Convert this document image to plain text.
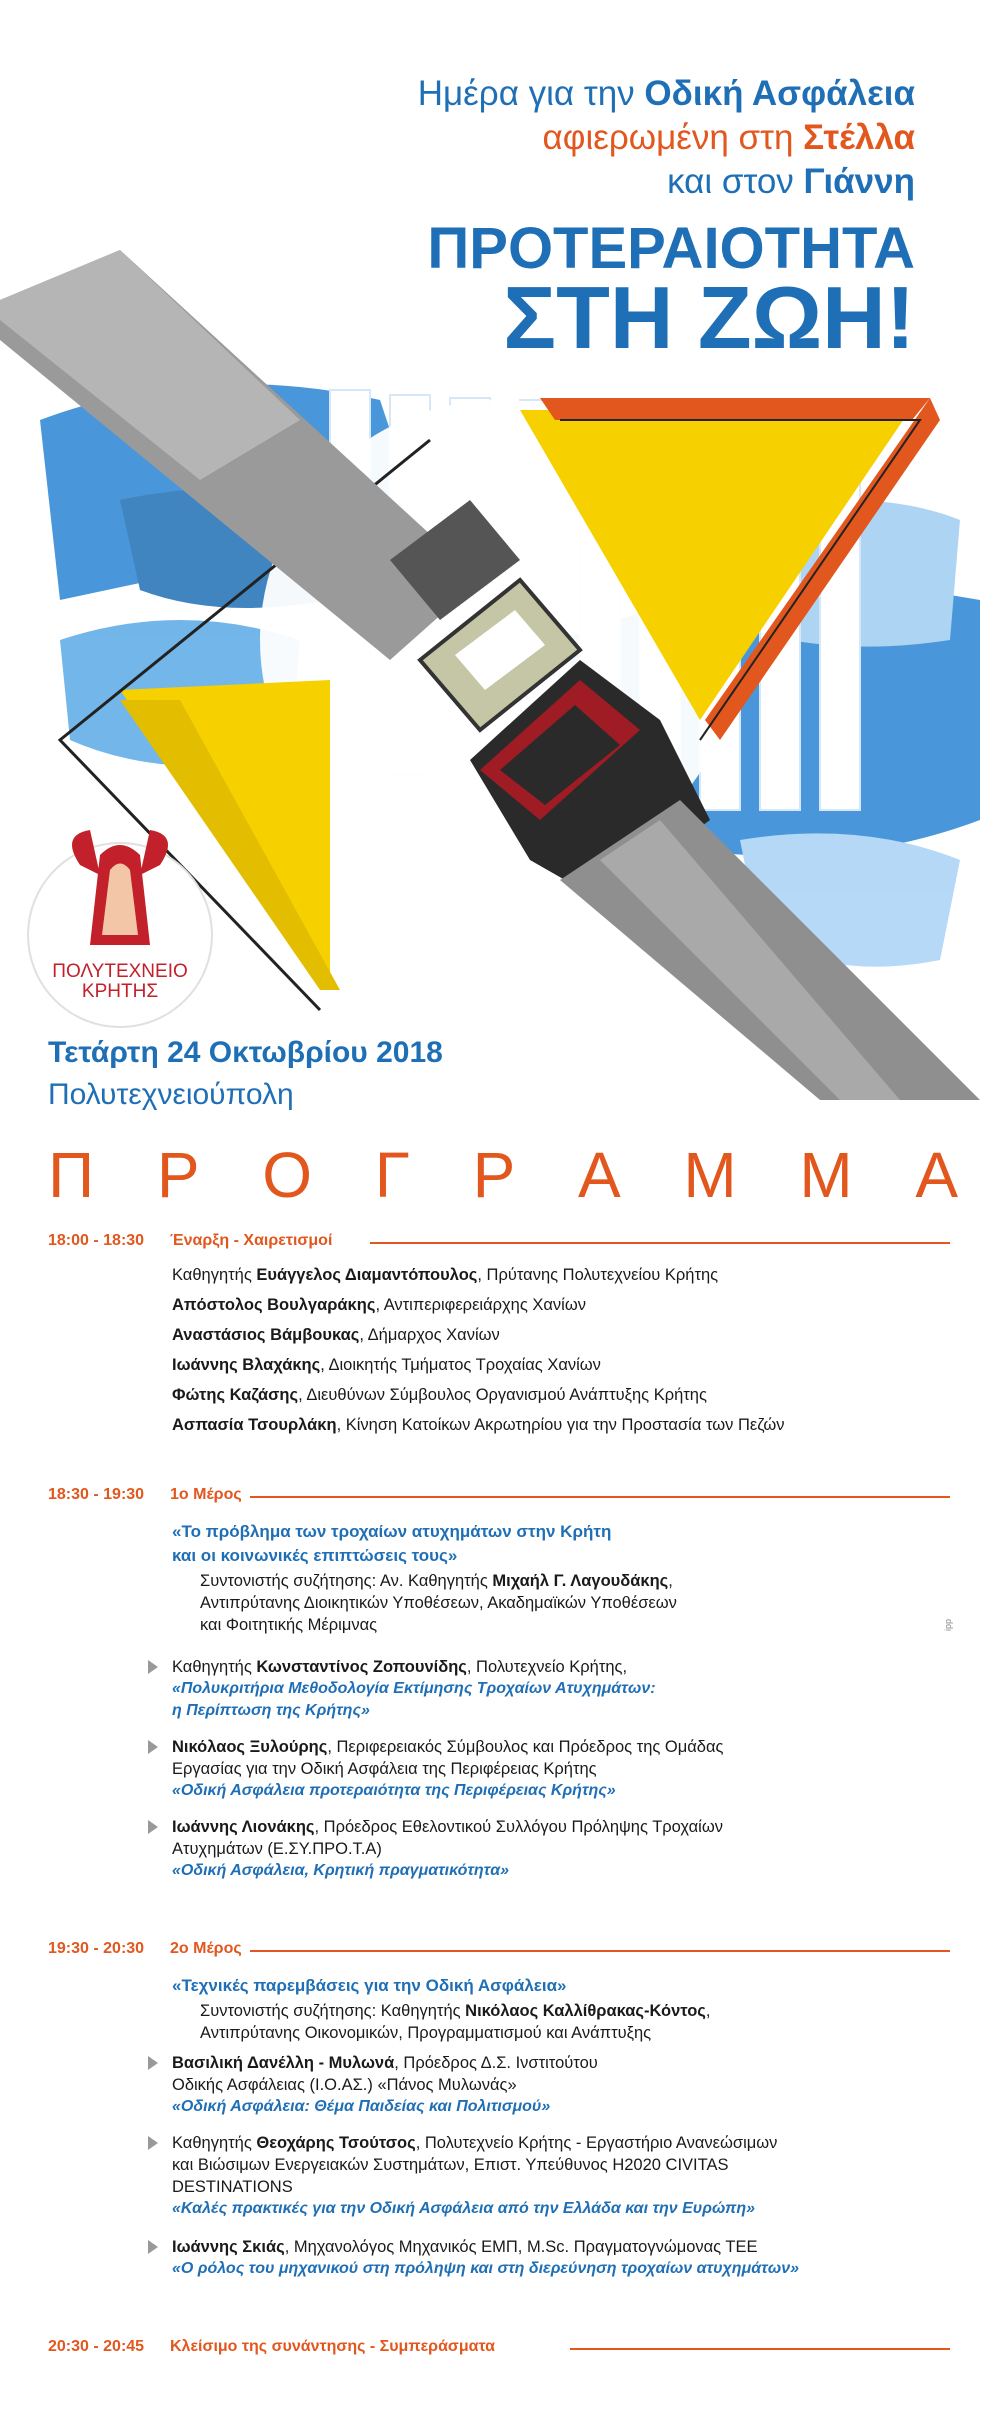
Ημέρα για την Οδική Ασφάλεια
αφιερωμένη στη Στέλλα
και στον Γιάννη
ΠΡΟΤΕΡΑΙΟΤΗΤΑ
ΣΤΗ ΖΩΗ!
ΠΟΛΥΤΕΧΝΕΙΟ
ΚΡΗΤΗΣ
Τετάρτη 24 Οκτωβρίου 2018
Πολυτεχνειούπολη
Π Ρ Ο Γ Ρ Α Μ Μ Α
18:00 - 18:30 Έναρξη - Χαιρετισμοί
Καθηγητής Ευάγγελος Διαμαντόπουλος, Πρύτανης Πολυτεχνείου Κρήτης
Απόστολος Βουλγαράκης, Αντιπεριφερειάρχης Χανίων
Αναστάσιος Βάμβουκας, Δήμαρχος Χανίων
Ιωάννης Βλαχάκης, Διοικητής Τμήματος Τροχαίας Χανίων
Φώτης Καζάσης, Διευθύνων Σύμβουλος Οργανισμού Ανάπτυξης Κρήτης
Ασπασία Τσουρλάκη, Κίνηση Κατοίκων Ακρωτηρίου για την Προστασία των Πεζών
18:30 - 19:30 1ο Μέρος
«Το πρόβλημα των τροχαίων ατυχημάτων στην Κρήτη
και οι κοινωνικές επιπτώσεις τους»
Συντονιστής συζήτησης: Αν. Καθηγητής Μιχαήλ Γ. Λαγουδάκης,
Αντιπρύτανης Διοικητικών Υποθέσεων, Ακαδημαϊκών Υποθέσεων
και Φοιτητικής Μέριμνας
Καθηγητής Κωνσταντίνος Ζοπουνίδης, Πολυτεχνείο Κρήτης,
«Πολυκριτήρια Μεθοδολογία Εκτίμησης Τροχαίων Ατυχημάτων:
η Περίπτωση της Κρήτης»
Νικόλαος Ξυλούρης, Περιφερειακός Σύμβουλος και Πρόεδρος της Ομάδας
Εργασίας για την Οδική Ασφάλεια της Περιφέρειας Κρήτης
«Οδική Ασφάλεια προτεραιότητα της Περιφέρειας Κρήτης»
Ιωάννης Λιονάκης, Πρόεδρος Εθελοντικού Συλλόγου Πρόληψης Τροχαίων
Ατυχημάτων (Ε.ΣΥ.ΠΡΟ.Τ.Α)
«Οδική Ασφάλεια, Κρητική πραγματικότητα»
19:30 - 20:30 2ο Μέρος
«Τεχνικές παρεμβάσεις για την Οδική Ασφάλεια»
Συντονιστής συζήτησης: Καθηγητής Νικόλαος Καλλίθρακας-Κόντος,
Αντιπρύτανης Οικονομικών, Προγραμματισμού και Ανάπτυξης
Βασιλική Δανέλλη - Μυλωνά, Πρόεδρος Δ.Σ. Ινστιτούτου
Οδικής Ασφάλειας (Ι.Ο.ΑΣ.) «Πάνος Μυλωνάς»
«Οδική Ασφάλεια: Θέμα Παιδείας και Πολιτισμού»
Καθηγητής Θεοχάρης Τσούτσος, Πολυτεχνείο Κρήτης - Εργαστήριο Ανανεώσιμων
και Βιώσιμων Ενεργειακών Συστημάτων, Επιστ. Υπεύθυνος H2020 CIVITAS
DESTINATIONS
«Καλές πρακτικές για την Οδική Ασφάλεια από την Ελλάδα και την Ευρώπη»
Ιωάννης Σκιάς, Μηχανολόγος Μηχανικός ΕΜΠ, M.Sc. Πραγματογνώμονας ΤΕΕ
«Ο ρόλος του μηχανικού στη πρόληψη και στη διερεύνηση τροχαίων ατυχημάτων»
20:30 - 20:45 Κλείσιμο της συνάντησης - Συμπεράσματα
ipp
